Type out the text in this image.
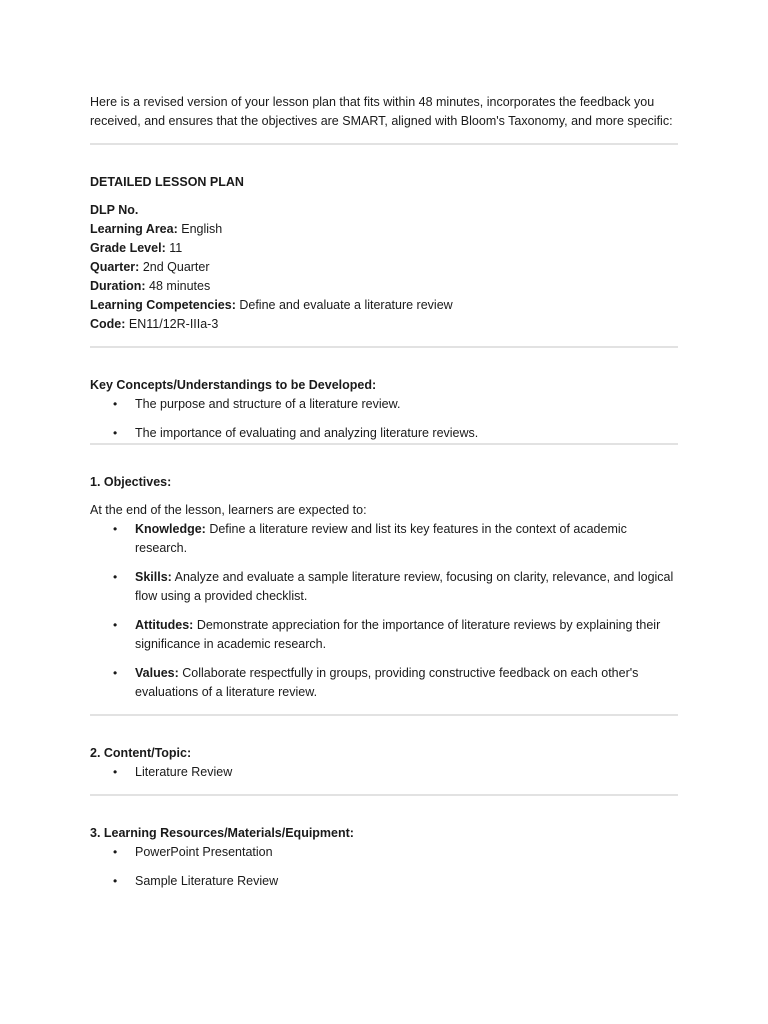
Here is a revised version of your lesson plan that fits within 48 minutes, incorporates the feedback you received, and ensures that the objectives are SMART, aligned with Bloom's Taxonomy, and more specific:

DETAILED LESSON PLAN
DLP No.
Learning Area: English
Grade Level: 11
Quarter: 2nd Quarter
Duration: 48 minutes
Learning Competencies: Define and evaluate a literature review
Code: EN11/12R-IIIa-3
Key Concepts/Understandings to be Developed:
• The purpose and structure of a literature review.
• The importance of evaluating and analyzing literature reviews.
1. Objectives:

At the end of the lesson, learners are expected to:

• Knowledge: Define a literature review and list its key features in the context of academic research.
• Skills: Analyze and evaluate a sample literature review, focusing on clarity, relevance, and logical flow using a provided checklist.
• Attitudes: Demonstrate appreciation for the importance of literature reviews by explaining their significance in academic research.
• Values: Collaborate respectfully in groups, providing constructive feedback on each other's evaluations of a literature review.
2. Content/Topic:
• Literature Review
3. Learning Resources/Materials/Equipment:
• PowerPoint Presentation
• Sample Literature Review
